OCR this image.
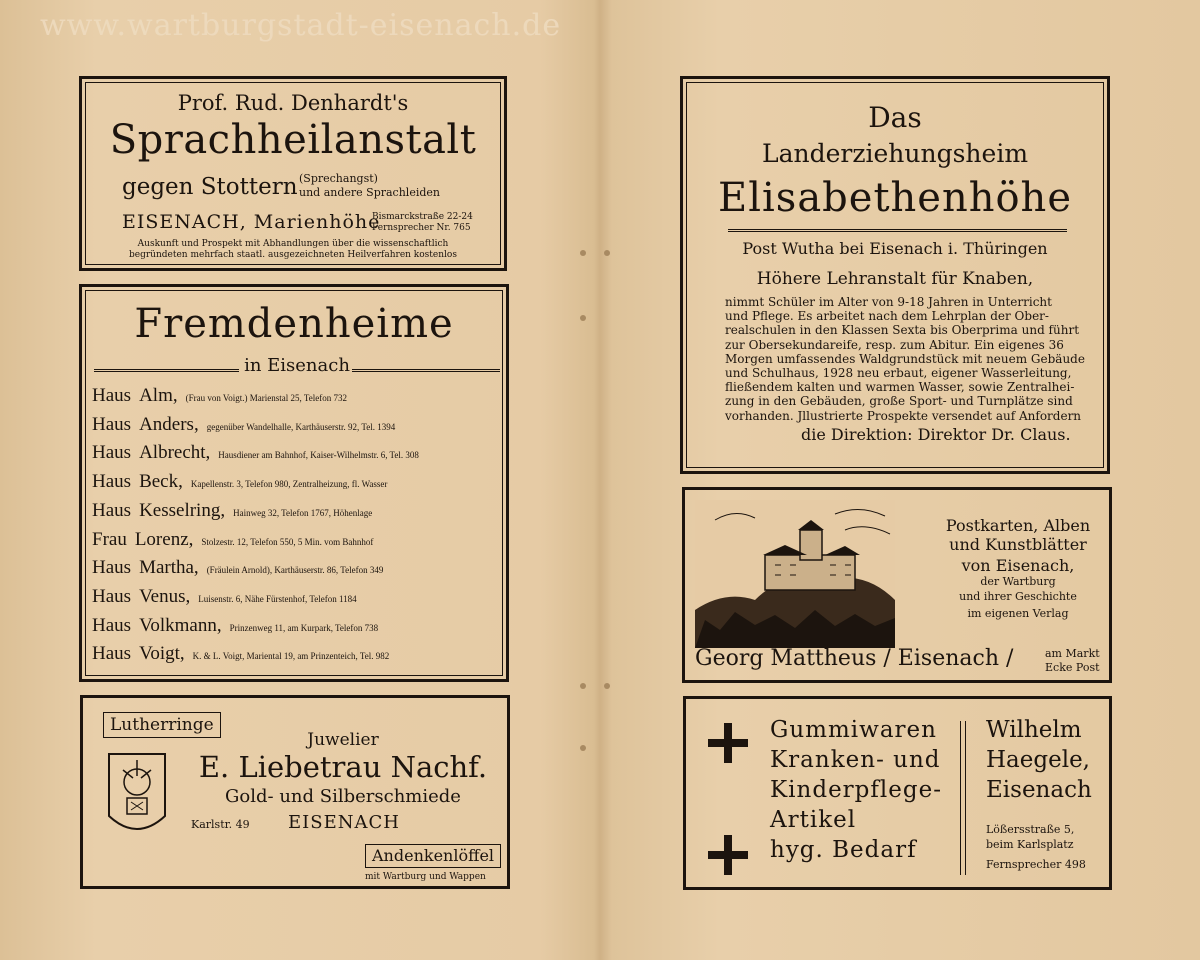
www.wartburgstadt-eisenach.de
Prof. Rud. Denhardt's
Sprachheilanstalt
gegen Stottern (Sprechangst)
und andere Sprachleiden
EISENACH, Marienhöhe
Bismarckstraße 22-24
Fernsprecher Nr. 765
Auskunft und Prospekt mit Abhandlungen über die wissenschaftlich
begründeten mehrfach staatl. ausgezeichneten Heilverfahren kostenlos
Fremdenheime
in Eisenach
Haus Alm, (Frau von Voigt.) Marienstal 25, Telefon 732
Haus Anders, gegenüber Wandelhalle, Karthäuserstr. 92, Tel. 1394
Haus Albrecht, Hausdiener am Bahnhof, Kaiser-Wilhelmstr. 6, Tel. 308
Haus Beck, Kapellenstr. 3, Telefon 980, Zentralheizung, fl. Wasser
Haus Kesselring, Hainweg 32, Telefon 1767, Höhenlage
Frau Lorenz, Stolzestr. 12, Telefon 550, 5 Min. vom Bahnhof
Haus Martha, (Fräulein Arnold), Karthäuserstr. 86, Telefon 349
Haus Venus, Luisenstr. 6, Nähe Fürstenhof, Telefon 1184
Haus Volkmann, Prinzenweg 11, am Kurpark, Telefon 738
Haus Voigt, K. & L. Voigt, Mariental 19, am Prinzenteich, Tel. 982
Lutherringe
Juwelier
E. Liebetrau Nachf.
Gold- und Silberschmiede
Karlstr. 49 EISENACH
Andenkenlöffel
mit Wartburg und Wappen
Das
Landerziehungsheim
Elisabethenhöhe
Post Wutha bei Eisenach i. Thüringen
Höhere Lehranstalt für Knaben,
nimmt Schüler im Alter von 9-18 Jahren in Unterricht
und Pflege. Es arbeitet nach dem Lehrplan der Ober-
realschulen in den Klassen Sexta bis Oberprima und führt
zur Obersekundareife, resp. zum Abitur. Ein eigenes 36
Morgen umfassendes Waldgrundstück mit neuem Gebäude
und Schulhaus, 1928 neu erbaut, eigener Wasserleitung,
fließendem kalten und warmen Wasser, sowie Zentralhei-
zung in den Gebäuden, große Sport- und Turnplätze sind
vorhanden. Jllustrierte Prospekte versendet auf Anfordern
die Direktion: Direktor Dr. Claus.
Postkarten, Alben
und Kunstblätter
von Eisenach,
der Wartburg
und ihrer Geschichte
im eigenen Verlag
Georg Mattheus / Eisenach /	am Markt
Ecke Post
Gummiwaren
Kranken- und
Kinderpflege-
Artikel
hyg. Bedarf
Wilhelm
Haegele,
Eisenach
Lößersstraße 5,
beim Karlsplatz
Fernsprecher 498
